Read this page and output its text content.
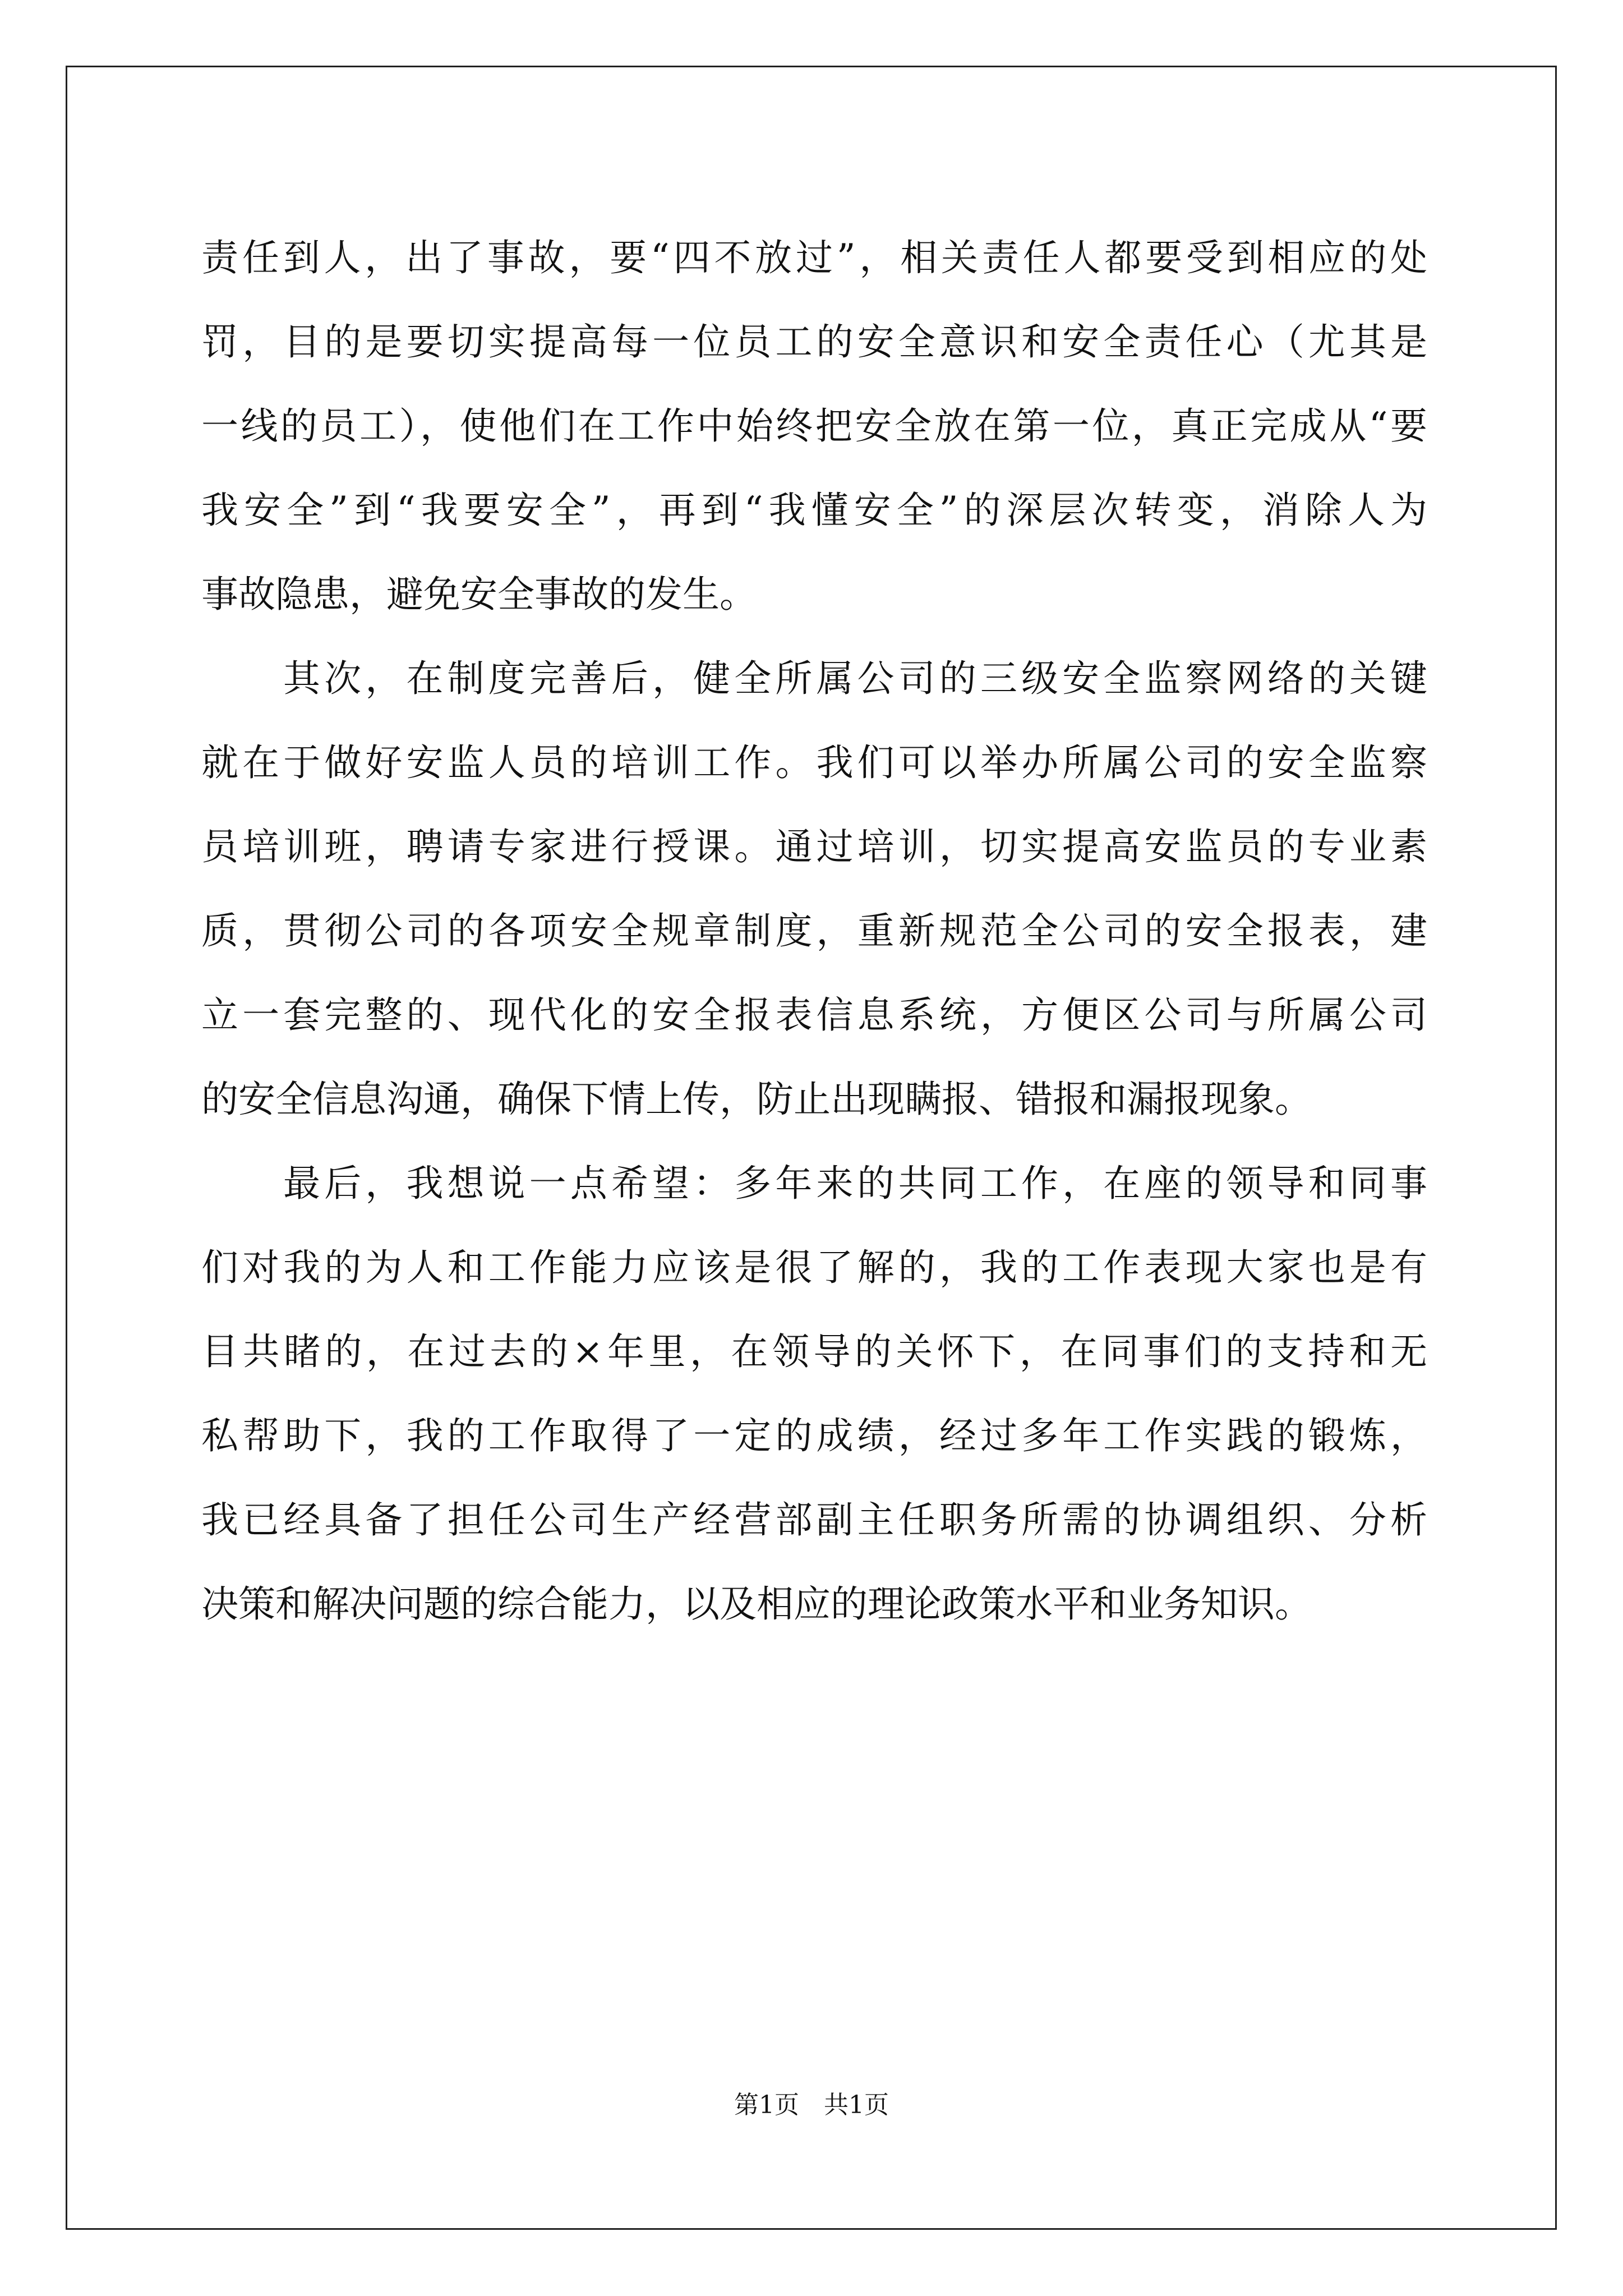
责任到人，出了事故，要“四不放过”，相关责任人都要受到相应的处
罚，目的是要切实提高每一位员工的安全意识和安全责任心（尤其是
一线的员工），使他们在工作中始终把安全放在第一位，真正完成从“要
我安全”到“我要安全”，再到“我懂安全”的深层次转变，消除人为
事故隐患，避免安全事故的发生。
其次，在制度完善后，健全所属公司的三级安全监察网络的关键
就在于做好安监人员的培训工作。我们可以举办所属公司的安全监察
员培训班，聘请专家进行授课。通过培训，切实提高安监员的专业素
质，贯彻公司的各项安全规章制度，重新规范全公司的安全报表，建
立一套完整的、现代化的安全报表信息系统，方便区公司与所属公司
的安全信息沟通，确保下情上传，防止出现瞒报、错报和漏报现象。
最后，我想说一点希望：多年来的共同工作，在座的领导和同事
们对我的为人和工作能力应该是很了解的，我的工作表现大家也是有
目共睹的，在过去的×年里，在领导的关怀下，在同事们的支持和无
私帮助下，我的工作取得了一定的成绩，经过多年工作实践的锻炼，
我已经具备了担任公司生产经营部副主任职务所需的协调组织、分析
决策和解决问题的综合能力，以及相应的理论政策水平和业务知识。
第1页　共1页
